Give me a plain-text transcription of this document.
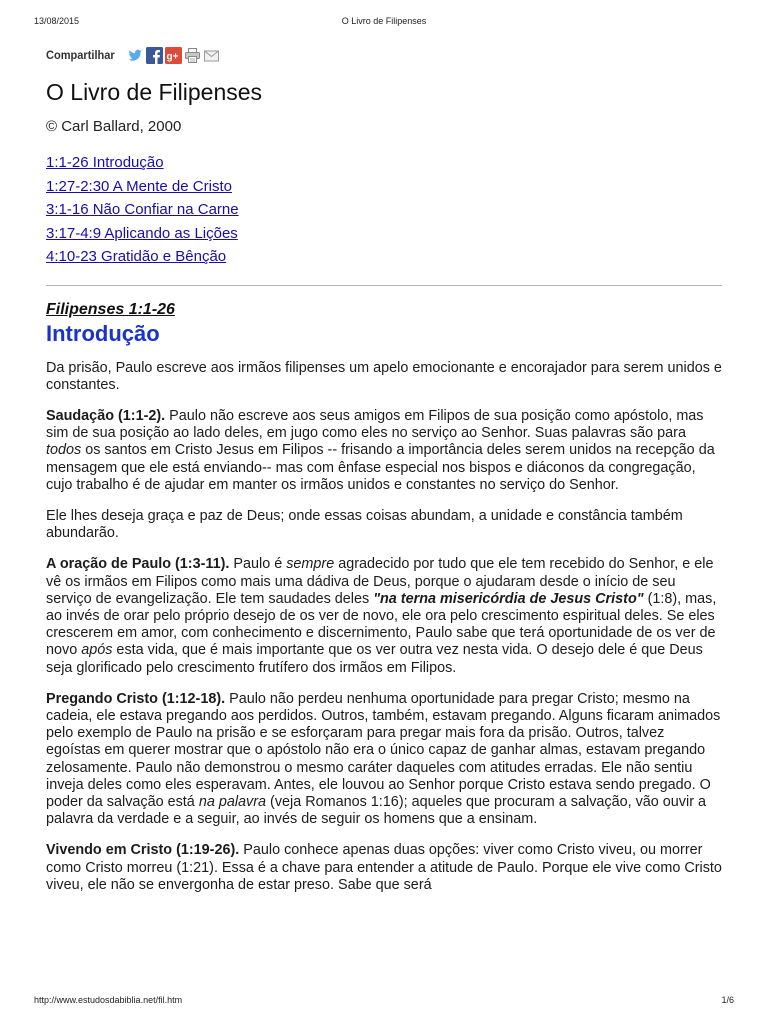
13/08/2015	O Livro de Filipenses
Compartilhar	g+
O Livro de Filipenses
© Carl Ballard, 2000
1:1-26 Introdução
1:27-2:30 A Mente de Cristo
3:1-16 Não Confiar na Carne
3:17-4:9 Aplicando as Lições
4:10-23 Gratidão e Bênção
Filipenses 1:1-26
Introdução

Da prisão, Paulo escreve aos irmãos filipenses um apelo emocionante e encorajador para serem unidos e constantes.

Saudação (1:1-2). Paulo não escreve aos seus amigos em Filipos de sua posição como apóstolo, mas sim de sua posição ao lado deles, em jugo como eles no serviço ao Senhor. Suas palavras são para todos os santos em Cristo Jesus em Filipos -- frisando a importância deles serem unidos na recepção da mensagem que ele está enviando-- mas com ênfase especial nos bispos e diáconos da congregação, cujo trabalho é de ajudar em manter os irmãos unidos e constantes no serviço do Senhor.

Ele lhes deseja graça e paz de Deus; onde essas coisas abundam, a unidade e constância também abundarão.

A oração de Paulo (1:3-11). Paulo é sempre agradecido por tudo que ele tem recebido do Senhor, e ele vê os irmãos em Filipos como mais uma dádiva de Deus, porque o ajudaram desde o início de seu serviço de evangelização. Ele tem saudades deles "na terna misericórdia de Jesus Cristo" (1:8), mas, ao invés de orar pelo próprio desejo de os ver de novo, ele ora pelo crescimento espiritual deles. Se eles crescerem em amor, com conhecimento e discernimento, Paulo sabe que terá oportunidade de os ver de novo após esta vida, que é mais importante que os ver outra vez nesta vida. O desejo dele é que Deus seja glorificado pelo crescimento frutífero dos irmãos em Filipos.

Pregando Cristo (1:12-18). Paulo não perdeu nenhuma oportunidade para pregar Cristo; mesmo na cadeia, ele estava pregando aos perdidos. Outros, também, estavam pregando. Alguns ficaram animados pelo exemplo de Paulo na prisão e se esforçaram para pregar mais fora da prisão. Outros, talvez egoístas em querer mostrar que o apóstolo não era o único capaz de ganhar almas, estavam pregando zelosamente. Paulo não demonstrou o mesmo caráter daqueles com atitudes erradas. Ele não sentiu inveja deles como eles esperavam. Antes, ele louvou ao Senhor porque Cristo estava sendo pregado. O poder da salvação está na palavra (veja Romanos 1:16); aqueles que procuram a salvação, vão ouvir a palavra da verdade e a seguir, ao invés de seguir os homens que a ensinam.

Vivendo em Cristo (1:19-26). Paulo conhece apenas duas opções: viver como Cristo viveu, ou morrer como Cristo morreu (1:21). Essa é a chave para entender a atitude de Paulo. Porque ele vive como Cristo viveu, ele não se envergonha de estar preso. Sabe que será

http://www.estudosdabiblia.net/fil.htm	1/6
